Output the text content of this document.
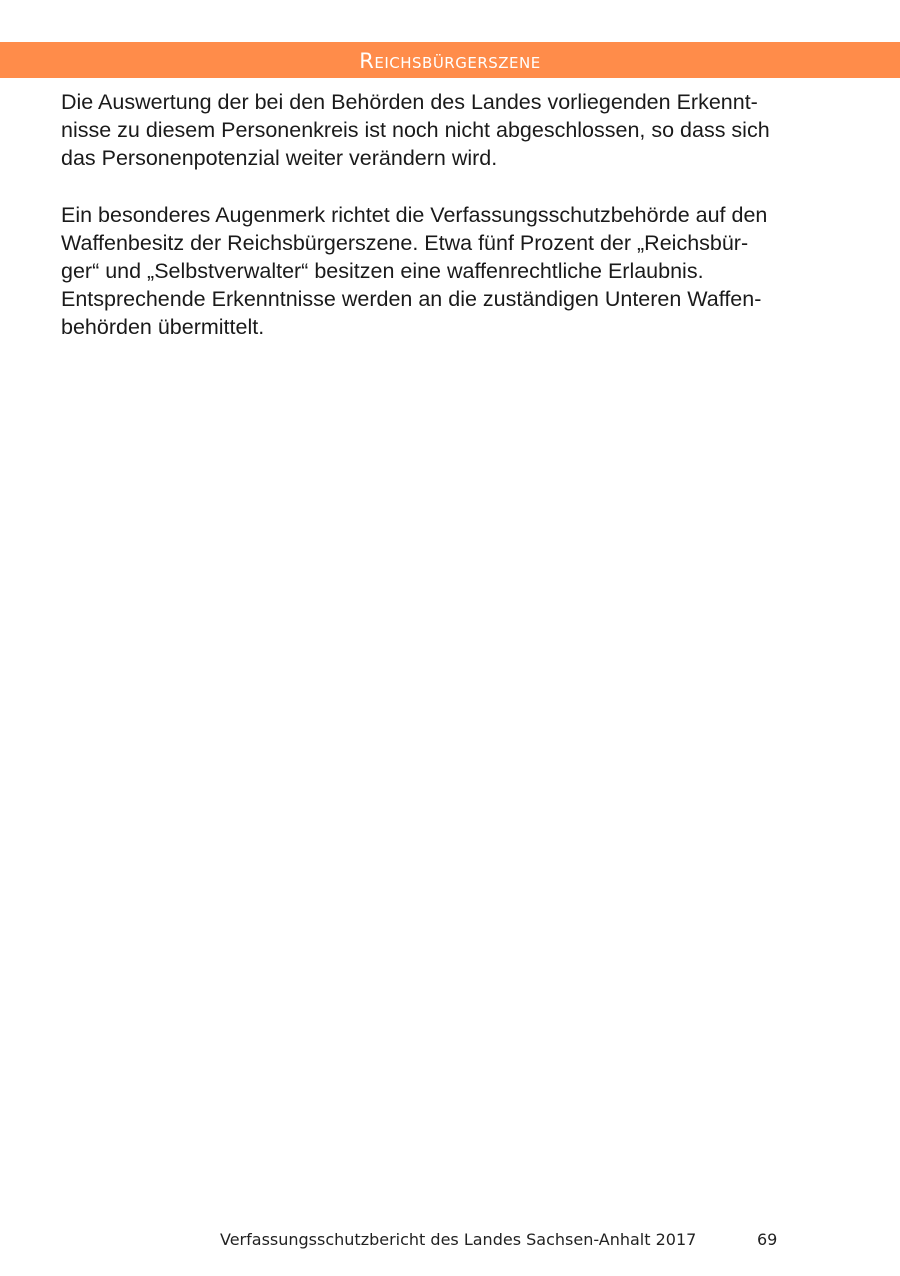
Reichsbürgerszene

Die Auswertung der bei den Behörden des Landes vorliegenden Erkennt-
nisse zu diesem Personenkreis ist noch nicht abgeschlossen, so dass sich
das Personenpotenzial weiter verändern wird.

Ein besonderes Augenmerk richtet die Verfassungsschutzbehörde auf den
Waffenbesitz der Reichsbürgerszene. Etwa fünf Prozent der „Reichsbür-
ger“ und „Selbstverwalter“ besitzen eine waffenrechtliche Erlaubnis.
Entsprechende Erkenntnisse werden an die zuständigen Unteren Waffen-
behörden übermittelt.

Verfassungsschutzbericht des Landes Sachsen-Anhalt 2017	69
